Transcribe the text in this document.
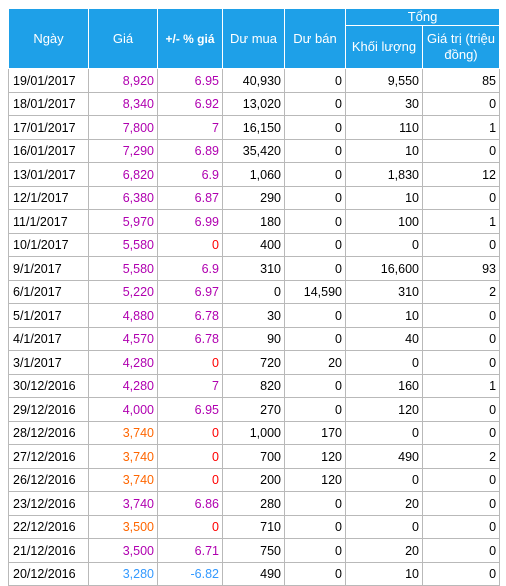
Ngày	Giá	+/- % giá	Dư mua	Dư bán	Tổng	
					Khối lượng	Giá trị (triệu đồng)
19/01/2017	8,920	6.95	40,930	0	9,550	85
18/01/2017	8,340	6.92	13,020	0	30	0
17/01/2017	7,800	7	16,150	0	110	1
16/01/2017	7,290	6.89	35,420	0	10	0
13/01/2017	6,820	6.9	1,060	0	1,830	12
12/1/2017	6,380	6.87	290	0	10	0
11/1/2017	5,970	6.99	180	0	100	1
10/1/2017	5,580	0	400	0	0	0
9/1/2017	5,580	6.9	310	0	16,600	93
6/1/2017	5,220	6.97	0	14,590	310	2
5/1/2017	4,880	6.78	30	0	10	0
4/1/2017	4,570	6.78	90	0	40	0
3/1/2017	4,280	0	720	20	0	0
30/12/2016	4,280	7	820	0	160	1
29/12/2016	4,000	6.95	270	0	120	0
28/12/2016	3,740	0	1,000	170	0	0
27/12/2016	3,740	0	700	120	490	2
26/12/2016	3,740	0	200	120	0	0
23/12/2016	3,740	6.86	280	0	20	0
22/12/2016	3,500	0	710	0	0	0
21/12/2016	3,500	6.71	750	0	20	0
20/12/2016	3,280	-6.82	490	0	10	0
